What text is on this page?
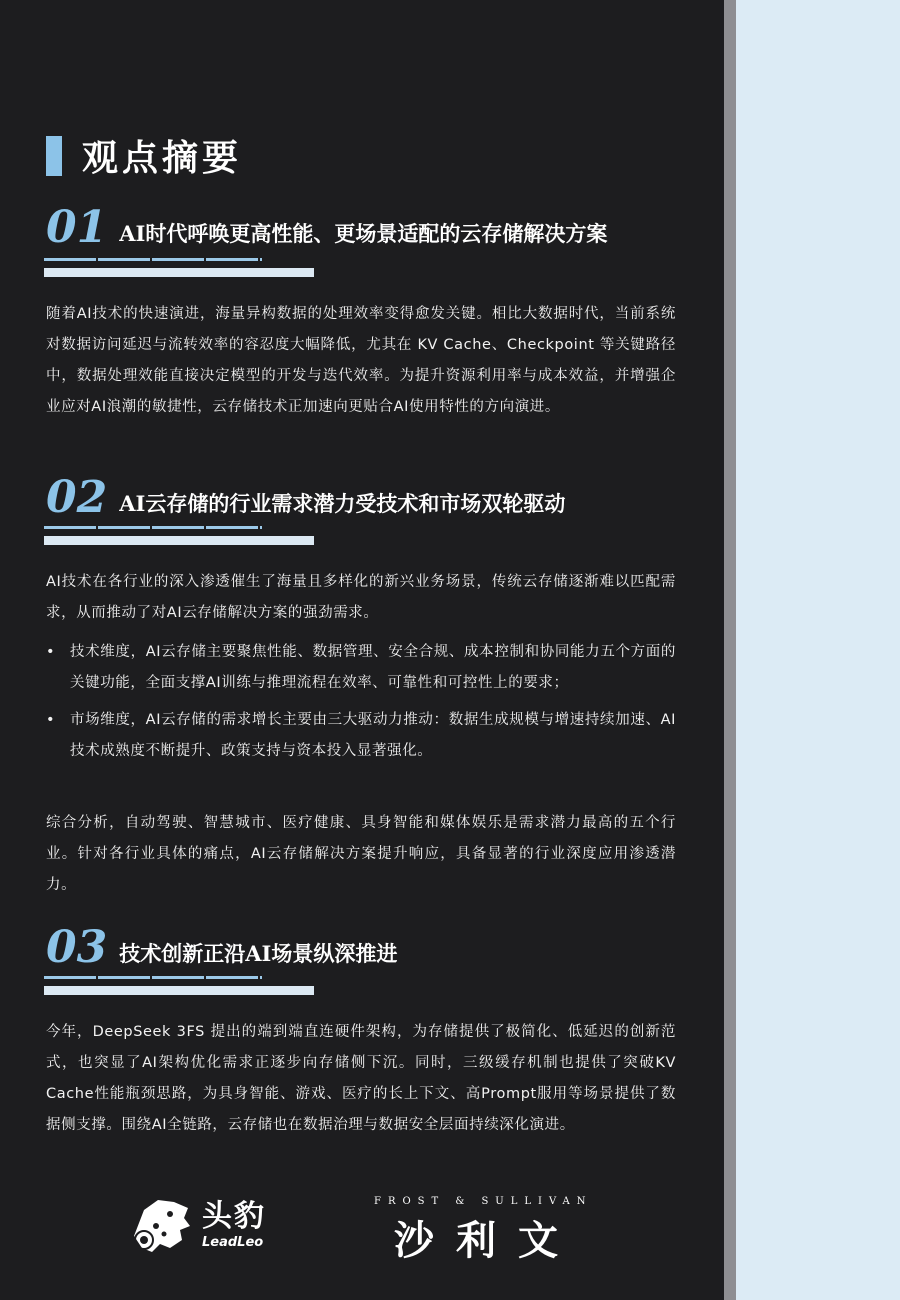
观点摘要
01 AI时代呼唤更高性能、更场景适配的云存储解决方案
随着AI技术的快速演进，海量异构数据的处理效率变得愈发关键。相比大数据时代，当前系统对数据访问延迟与流转效率的容忍度大幅降低，尤其在 KV Cache、Checkpoint 等关键路径中，数据处理效能直接决定模型的开发与迭代效率。为提升资源利用率与成本效益，并增强企业应对AI浪潮的敏捷性，云存储技术正加速向更贴合AI使用特性的方向演进。
02 AI云存储的行业需求潜力受技术和市场双轮驱动
AI技术在各行业的深入渗透催生了海量且多样化的新兴业务场景，传统云存储逐渐难以匹配需求，从而推动了对AI云存储解决方案的强劲需求。
• 技术维度，AI云存储主要聚焦性能、数据管理、安全合规、成本控制和协同能力五个方面的关键功能，全面支撑AI训练与推理流程在效率、可靠性和可控性上的要求；
• 市场维度，AI云存储的需求增长主要由三大驱动力推动：数据生成规模与增速持续加速、AI技术成熟度不断提升、政策支持与资本投入显著强化。
综合分析，自动驾驶、智慧城市、医疗健康、具身智能和媒体娱乐是需求潜力最高的五个行业。针对各行业具体的痛点，AI云存储解决方案提升响应，具备显著的行业深度应用渗透潜力。
03 技术创新正沿AI场景纵深推进
今年，DeepSeek 3FS 提出的端到端直连硬件架构，为存储提供了极简化、低延迟的创新范式，也突显了AI架构优化需求正逐步向存储侧下沉。同时，三级缓存机制也提供了突破KV Cache性能瓶颈思路，为具身智能、游戏、医疗的长上下文、高Prompt服用等场景提供了数据侧支撑。围绕AI全链路，云存储也在数据治理与数据安全层面持续深化演进。
头豹
LeadLeo
FROST & SULLIVAN
沙利文
